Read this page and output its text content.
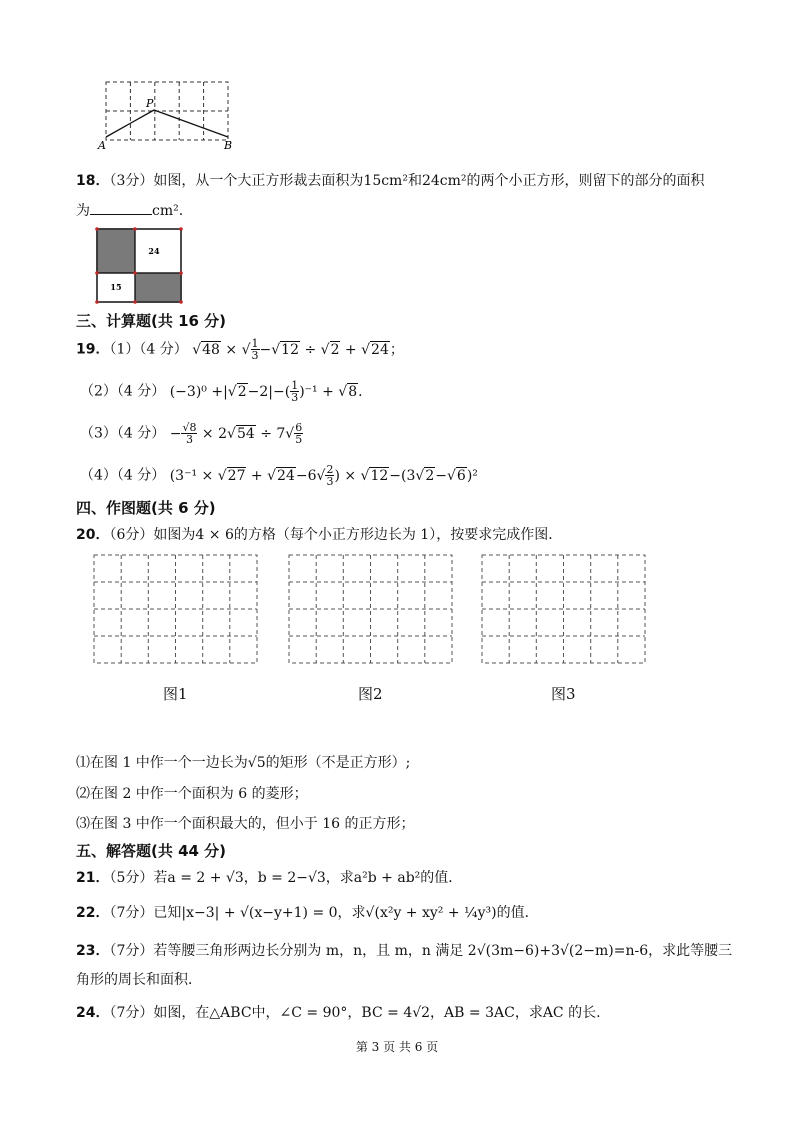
P
A	B
18．（3分）如图，从一个大正方形裁去面积为15cm²和24cm²的两个小正方形，则留下的部分的面积
为	cm².
24
15
三、计算题(共 16 分)
19．（1）（4 分） √48 × √ $\frac{1}{3} -√12 \div √2 + √24$；
（2）（4 分） $(-3)^0 +|√2-2|-( \frac{1}{3} )^{-1} + √8$．
（3）（4 分） − $\frac{√8}{3} \times 2√54 \div 7√ \frac{6}{5}$
（4）（4 分） ($3^{-1} \times √27 + √24-6√ \frac{2}{3}$ ) × √12−(3√2−√6)²
四、作图题(共 6 分)
20．（6分）如图为4 × 6的方格（每个小正方形边长为 1），按要求完成作图．
图1	图2	图3
⑴在图 1 中作一个一边长为√5的矩形（不是正方形）;
⑵在图 2 中作一个面积为 6 的菱形；
⑶在图 3 中作一个面积最大的，但小于 16 的正方形；
五、解答题(共 44 分)
21．（5分）若a = 2 + √3，b = 2−√3，求a²b + ab²的值．
22．（7分）已知|x−3| + √(x−y+1) = 0，求√(x²y + xy² + ¼y³)的值．
23．（7分）若等腰三角形两边长分别为 m，n，且 m，n 满足 2√(3m−6)+3√(2−m)=n-6，求此等腰三
角形的周长和面积．
24．（7分）如图，在△ABC中，∠C = 90°，BC = 4√2，AB = 3AC，求AC 的长.
第 3 页 共 6 页
